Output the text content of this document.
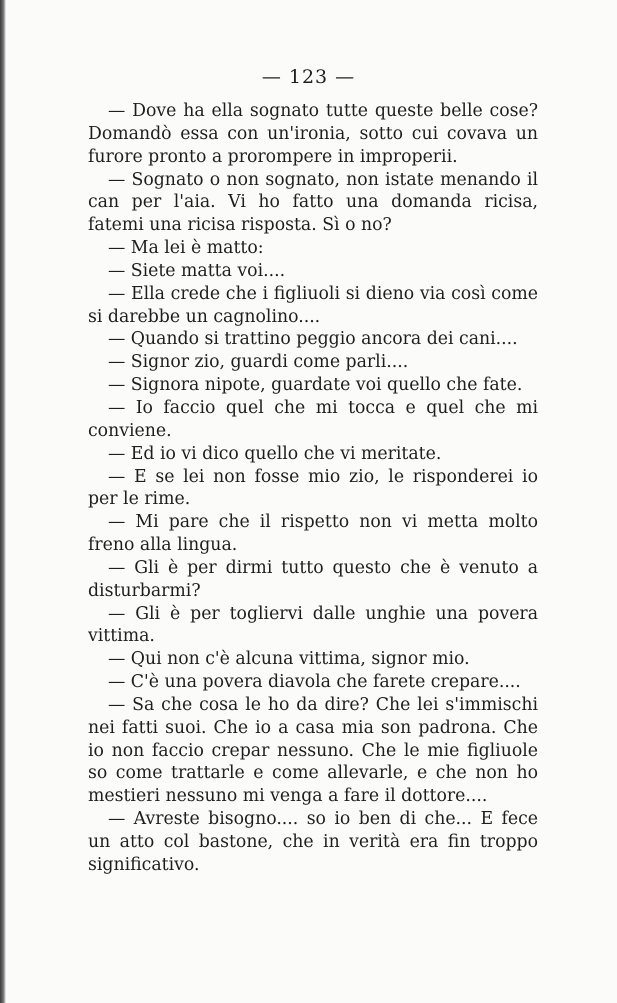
— 123 —

— Dove ha ella sognato tutte queste belle cose? Domandò essa con un'ironia, sotto cui covava un furore pronto a prorompere in improperii.

— Sognato o non sognato, non istate menando il can per l'aia. Vi ho fatto una domanda ricisa, fatemi una ricisa risposta. Sì o no?

— Ma lei è matto:

— Siete matta voi....

— Ella crede che i figliuoli si dieno via così come si darebbe un cagnolino....

— Quando si trattino peggio ancora dei cani....

— Signor zio, guardi come parli....

— Signora nipote, guardate voi quello che fate.

— Io faccio quel che mi tocca e quel che mi conviene.

— Ed io vi dico quello che vi meritate.

— E se lei non fosse mio zio, le risponderei io per le rime.

— Mi pare che il rispetto non vi metta molto freno alla lingua.

— Gli è per dirmi tutto questo che è venuto a disturbarmi?

— Gli è per togliervi dalle unghie una povera vittima.

— Qui non c'è alcuna vittima, signor mio.

— C'è una povera diavola che farete crepare....

— Sa che cosa le ho da dire? Che lei s'immischi nei fatti suoi. Che io a casa mia son padrona. Che io non faccio crepar nessuno. Che le mie figliuole so come trattarle e come allevarle, e che non ho mestieri nessuno mi venga a fare il dottore....

— Avreste bisogno.... so io ben di che... E fece un atto col bastone, che in verità era fin troppo significativo.
